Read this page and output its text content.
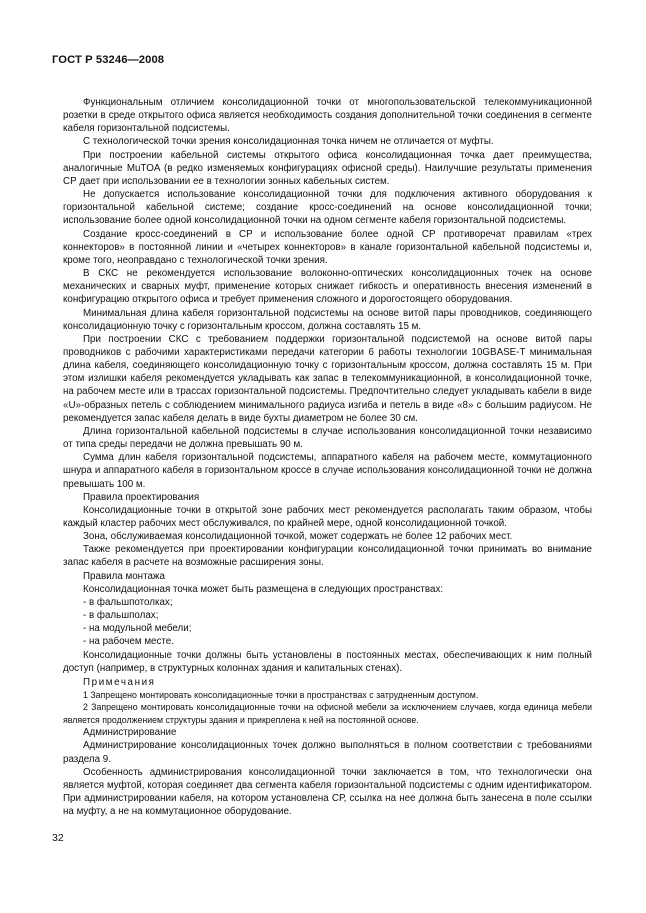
ГОСТ Р 53246—2008

Функциональным отличием консолидационной точки от многопользовательской телекоммуникационной розетки в среде открытого офиса является необходимость создания дополнительной точки соединения в сегменте кабеля горизонтальной подсистемы.

С технологической точки зрения консолидационная точка ничем не отличается от муфты.

При построении кабельной системы открытого офиса консолидационная точка дает преимущества, аналогичные MuTOA (в редко изменяемых конфигурациях офисной среды). Наилучшие результаты применения СР дает при использовании ее в технологии зонных кабельных систем.

Не допускается использование консолидационной точки для подключения активного оборудования к горизонтальной кабельной системе; создание кросс-соединений на основе консолидационной точки; использование более одной консолидационной точки на одном сегменте кабеля горизонтальной подсистемы.

Создание кросс-соединений в СР и использование более одной СР противоречат правилам «трех коннекторов» в постоянной линии и «четырех коннекторов» в канале горизонтальной кабельной подсистемы и, кроме того, неоправдано с технологической точки зрения.

В СКС не рекомендуется использование волоконно-оптических консолидационных точек на основе механических и сварных муфт, применение которых снижает гибкость и оперативность внесения изменений в конфигурацию открытого офиса и требует применения сложного и дорогостоящего оборудования.

Минимальная длина кабеля горизонтальной подсистемы на основе витой пары проводников, соединяющего консолидационную точку с горизонтальным кроссом, должна составлять 15 м.

При построении СКС с требованием поддержки горизонтальной подсистемой на основе витой пары проводников с рабочими характеристиками передачи категории 6 работы технологии 10GBASE-T минимальная длина кабеля, соединяющего консолидационную точку с горизонтальным кроссом, должна составлять 15 м. При этом излишки кабеля рекомендуется укладывать как запас в телекоммуникационной, в консолидационной точке, на рабочем месте или в трассах горизонтальной подсистемы. Предпочтительно следует укладывать кабели в виде «U»-образных петель с соблюдением минимального радиуса изгиба и петель в виде «8» с большим радиусом. Не рекомендуется запас кабеля делать в виде бухты диаметром не более 30 см.

Длина горизонтальной кабельной подсистемы в случае использования консолидационной точки независимо от типа среды передачи не должна превышать 90 м.

Сумма длин кабеля горизонтальной подсистемы, аппаратного кабеля на рабочем месте, коммутационного шнура и аппаратного кабеля в горизонтальном кроссе в случае использования консолидационной точки не должна превышать 100 м.

Правила проектирования

Консолидационные точки в открытой зоне рабочих мест рекомендуется располагать таким образом, чтобы каждый кластер рабочих мест обслуживался, по крайней мере, одной консолидационной точкой.

Зона, обслуживаемая консолидационной точкой, может содержать не более 12 рабочих мест.

Также рекомендуется при проектировании конфигурации консолидационной точки принимать во внимание запас кабеля в расчете на возможные расширения зоны.

Правила монтажа

Консолидационная точка может быть размещена в следующих пространствах:

- в фальшпотолках;

- в фальшполах;

- на модульной мебели;

- на рабочем месте.

Консолидационные точки должны быть установлены в постоянных местах, обеспечивающих к ним полный доступ (например, в структурных колоннах здания и капитальных стенах).

Примечания

1 Запрещено монтировать консолидационные точки в пространствах с затрудненным доступом.

2 Запрещено монтировать консолидационные точки на офисной мебели за исключением случаев, когда единица мебели является продолжением структуры здания и прикреплена к ней на постоянной основе.

Администрирование

Администрирование консолидационных точек должно выполняться в полном соответствии с требованиями раздела 9.

Особенность администрирования консолидационной точки заключается в том, что технологически она является муфтой, которая соединяет два сегмента кабеля горизонтальной подсистемы с одним идентификатором. При администрировании кабеля, на котором установлена СР, ссылка на нее должна быть занесена в поле ссылки на муфту, а не на коммутационное оборудование.

32
